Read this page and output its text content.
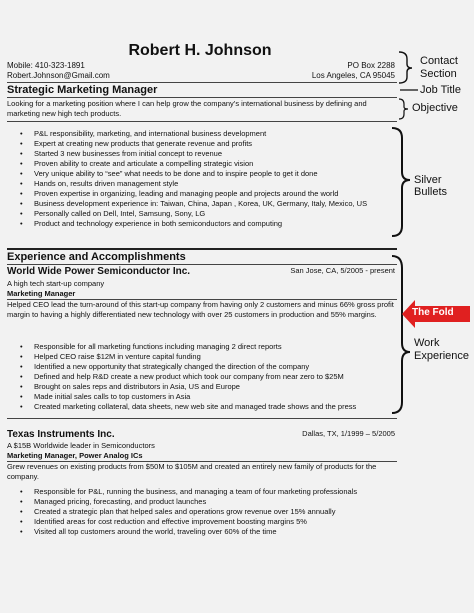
Robert H. Johnson
Mobile: 410-323-1891
Robert.Johnson@Gmail.com
PO Box 2288
Los Angeles, CA 95045
Strategic Marketing Manager
Looking for a marketing position where I can help grow the company’s international business by defining and marketing new high tech products.
• P&L responsibility, marketing, and international business development
• Expert at creating new products that generate revenue and profits
• Started 3 new businesses from initial concept to revenue
• Proven ability to create and articulate a compelling strategic vision
• Very unique ability to “see” what needs to be done and to inspire people to get it done
• Hands on, results driven management style
• Proven expertise in organizing, leading and managing people and projects around the world
• Business development experience in: Taiwan, China, Japan , Korea, UK, Germany, Italy, Mexico, US
• Personally called on Dell, Intel, Samsung, Sony, LG
• Product and technology experience in both semiconductors and computing
Experience and Accomplishments
World Wide Power Semiconductor Inc.	San Jose, CA, 5/2005 - present
A high tech start-up company
Marketing Manager
Helped CEO lead the turn-around of this start-up company from having only 2 customers and minus 66% gross profit margin to having a highly differentiated new technology with over 25 customers in production and 55% margins.
• Responsible for all marketing functions including managing 2 direct reports
• Helped CEO raise $12M in venture capital funding
• Identified a new opportunity that strategically changed the direction of the company
• Defined and help R&D create a new product which took our company from near zero to $25M
• Brought on sales reps and distributors in Asia, US and Europe
• Made initial sales calls to top customers in Asia
• Created marketing collateral, data sheets, new web site and managed trade shows and the press
Texas Instruments Inc.	Dallas, TX, 1/1999 – 5/2005
A $15B Worldwide leader in Semiconductors
Marketing Manager, Power Analog ICs
Grew revenues on existing products from $50M to $105M and created an entirely new family of products for the company.
• Responsible for P&L, running the business, and managing a team of four marketing professionals
• Managed pricing, forecasting, and product launches
• Created a strategic plan that helped sales and operations grow revenue over 15% annually
• Identified areas for cost reduction and effective improvement boosting margins 5%
• Visited all top customers around the world, traveling over 60% of the time
Contact Section
Job Title
Objective
Silver Bullets
Work Experience
The Fold
